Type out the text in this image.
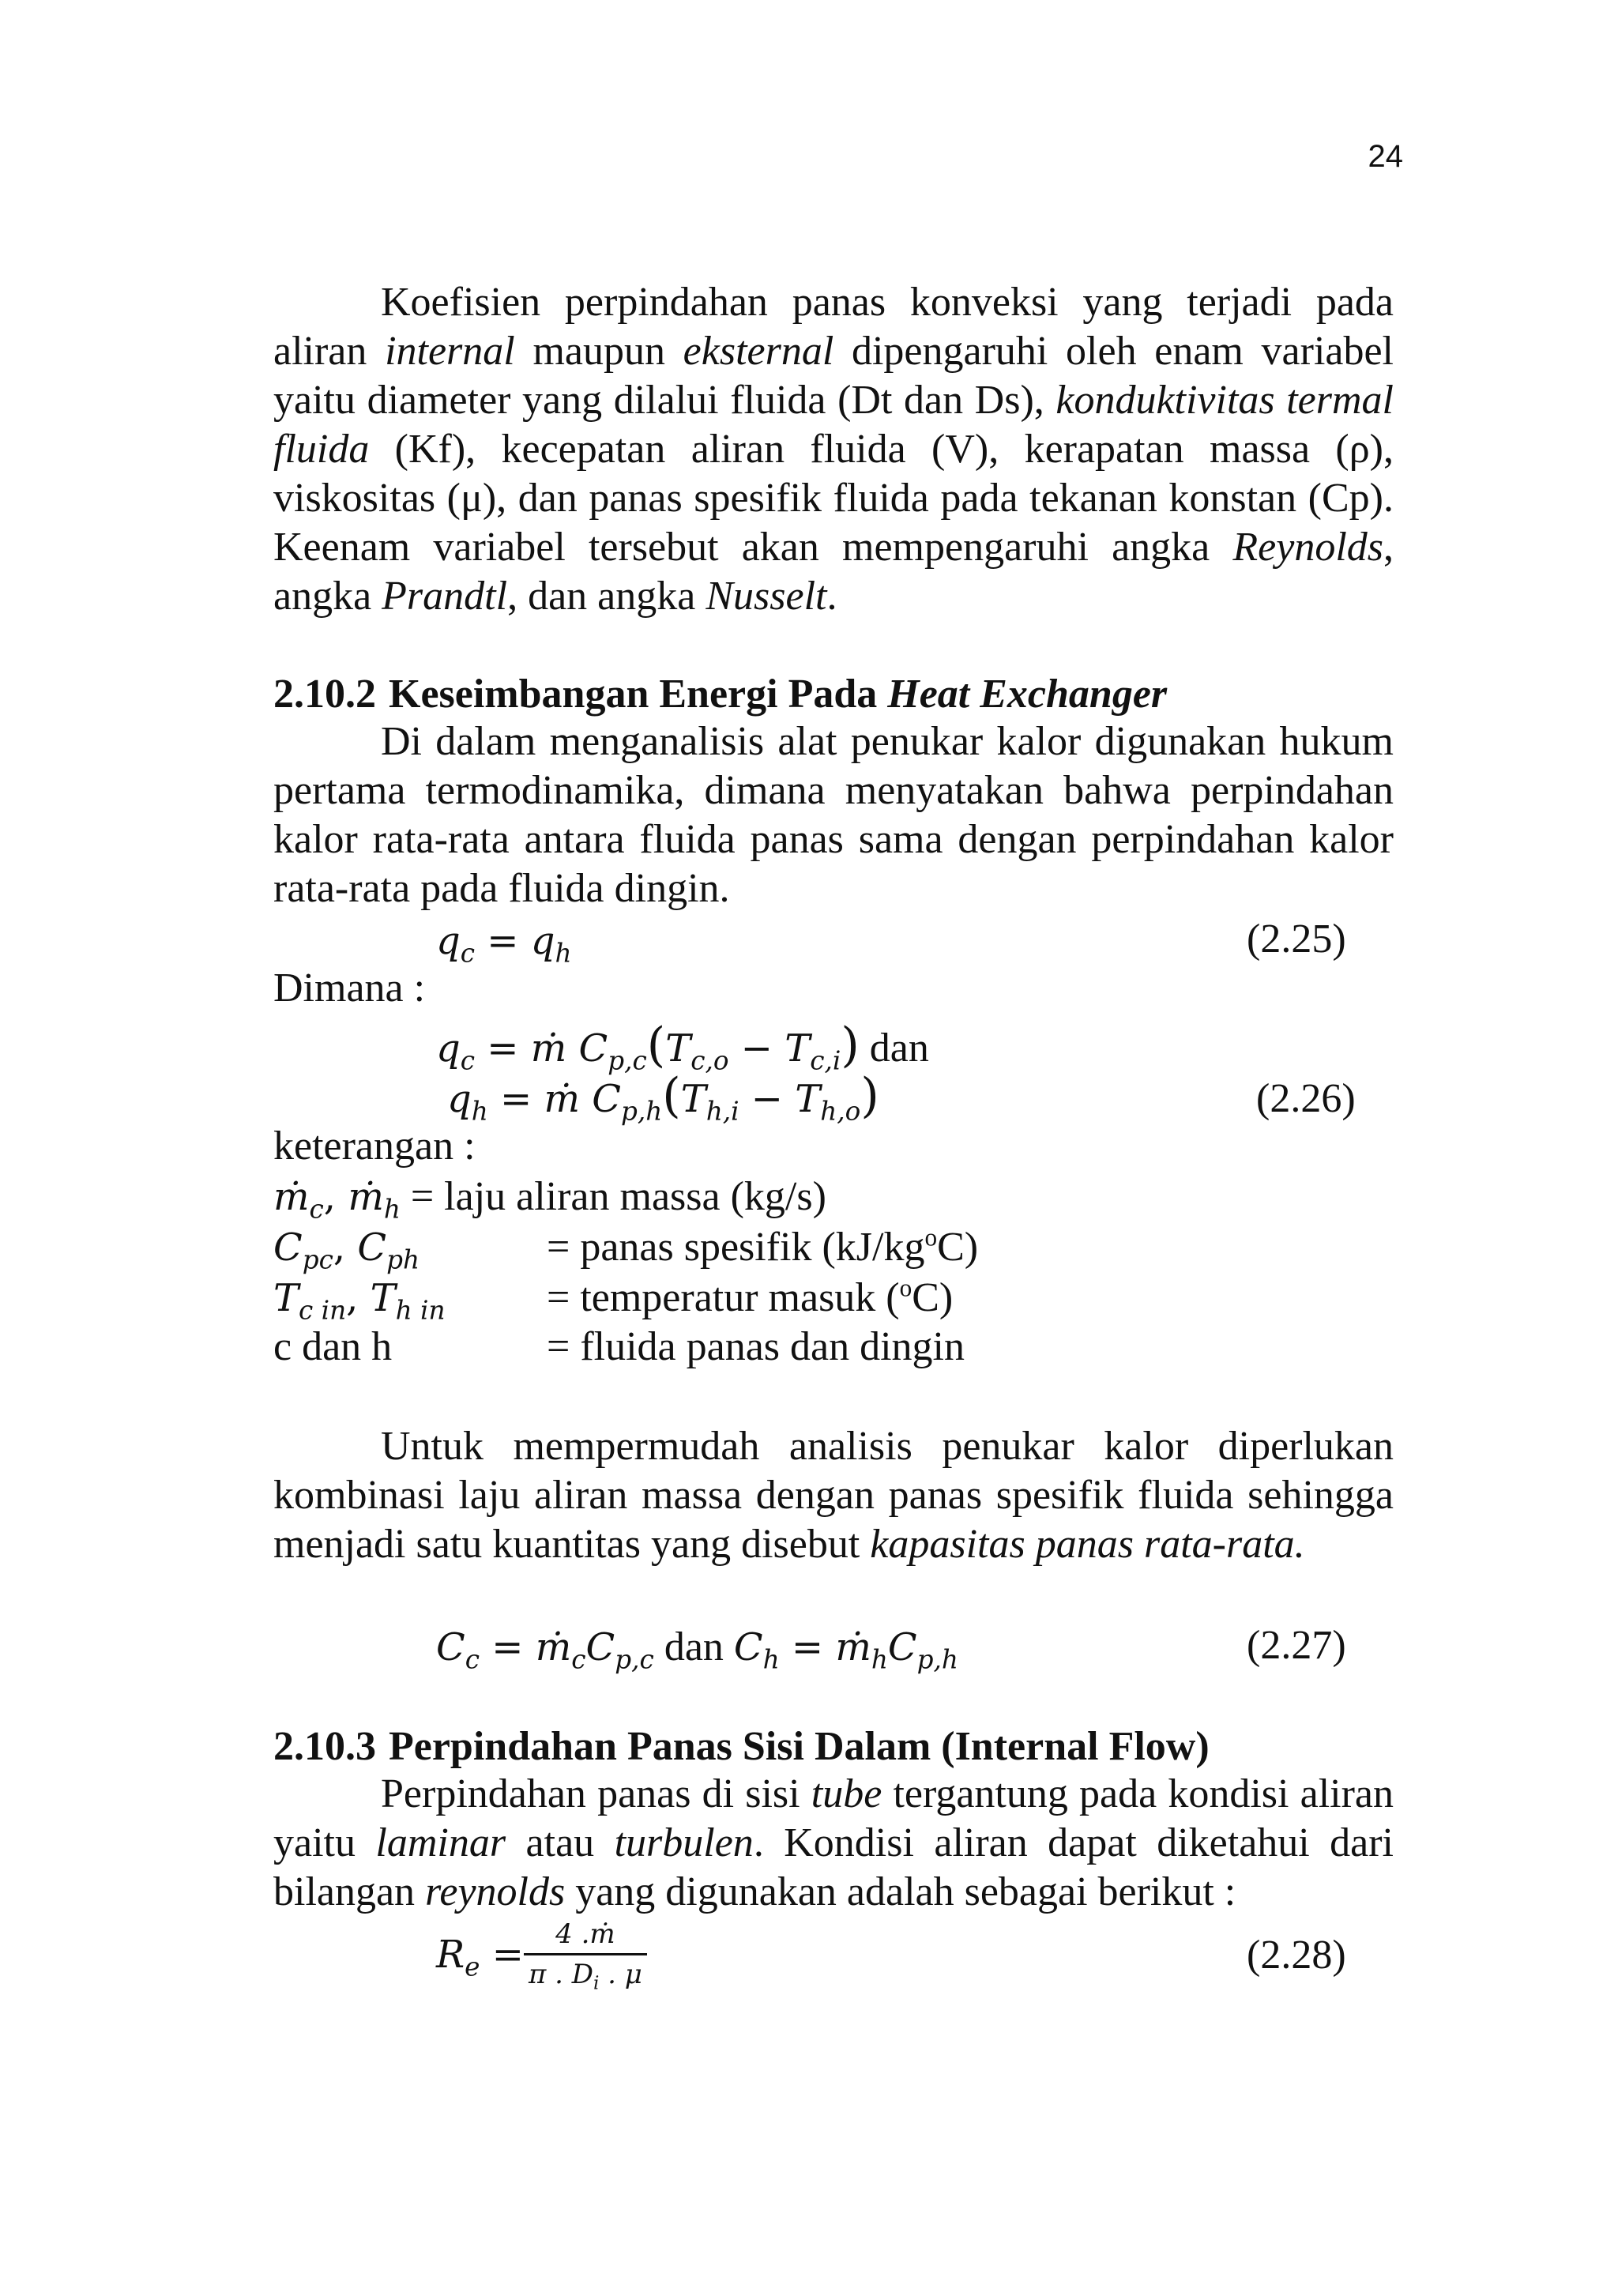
24

Koefisien perpindahan panas konveksi yang terjadi pada aliran internal maupun eksternal dipengaruhi oleh enam variabel yaitu diameter yang dilalui fluida (Dt dan Ds), konduktivitas termal fluida (Kf), kecepatan aliran fluida (V), kerapatan massa (ρ), viskositas (μ), dan panas spesifik fluida pada tekanan konstan (Cp). Keenam variabel tersebut akan mempengaruhi angka Reynolds, angka Prandtl, dan angka Nusselt.

2.10.2 Keseimbangan Energi Pada Heat Exchanger

Di dalam menganalisis alat penukar kalor digunakan hukum pertama termodinamika, dimana menyatakan bahwa perpindahan kalor rata-rata antara fluida panas sama dengan perpindahan kalor rata-rata pada fluida dingin.

$q_c = q_h$	(2.25)
Dimana :
$q_c$ = ṁ $C_{p,c}(T_{c,o} - T_{c,i})$ dan
$q_h$ = ṁ $C_{p,h}(T_{h,i} - T_{h,o})$	(2.26)
keterangan :
ṁ$_c$, ṁ$_h$ = laju aliran massa (kg/s)
$C_{pc}$, $C_{ph}$	= panas spesifik $(kJ/kg^oC)$
$T_{c in}$, $T_{h in}$ = temperatur masuk ($^o$C)
c dan h	= fluida panas dan dingin

Untuk mempermudah analisis penukar kalor diperlukan kombinasi laju aliran massa dengan panas spesifik fluida sehingga menjadi satu kuantitas yang disebut kapasitas panas rata-rata.

$C_c$ = $ṁ_cC_{p,c}$ dan $C_h$ = $ṁ_hC_{p,h}$	(2.27)
2.10.3 Perpindahan Panas Sisi Dalam (Internal Flow)

Perpindahan panas di sisi tube tergantung pada kondisi aliran yaitu laminar atau turbulen. Kondisi aliran dapat diketahui dari bilangan reynolds yang digunakan adalah sebagai berikut :

$R_e = \frac{\text{4 .ṁ}}{\pi . D_i . \mu}$	(2.28)
